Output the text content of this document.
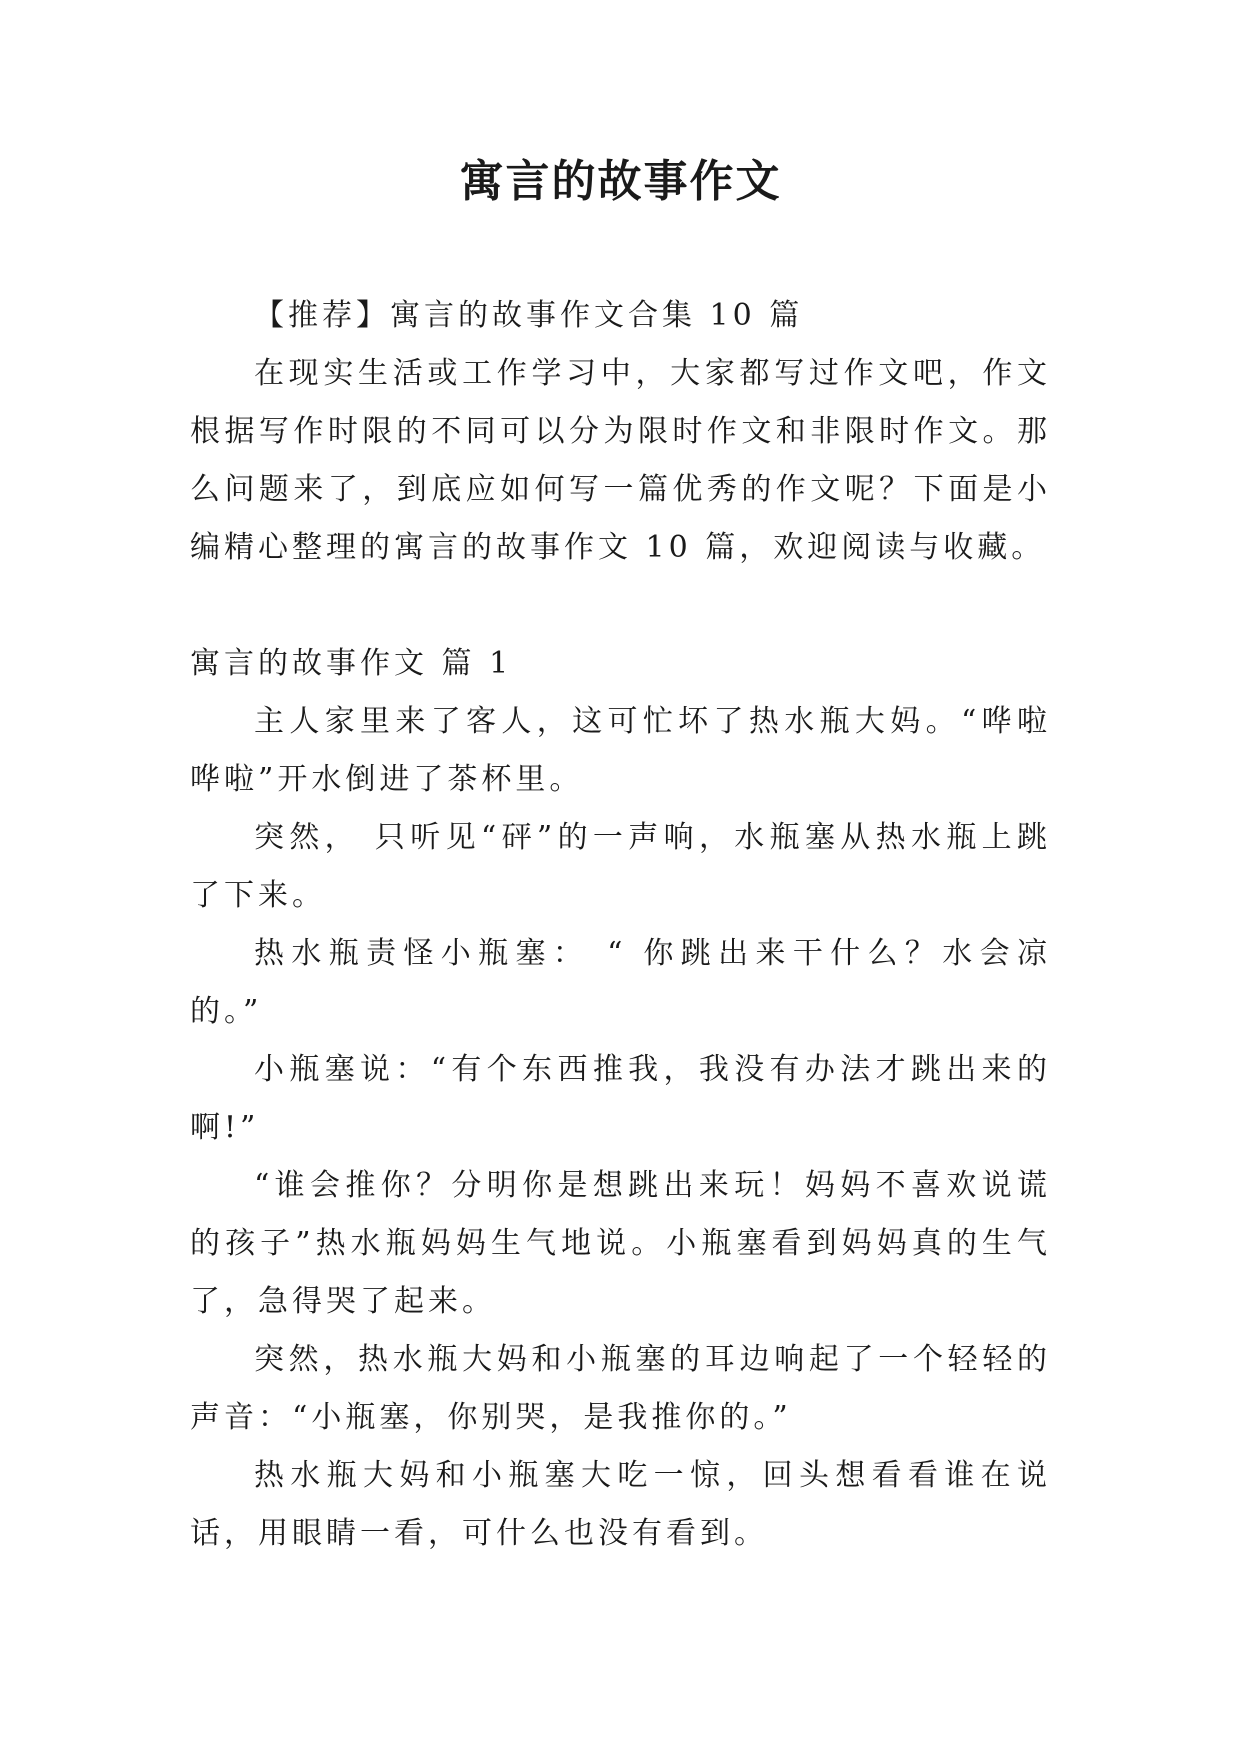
寓言的故事作文

【推荐】寓言的故事作文合集 10 篇

在现实生活或工作学习中，大家都写过作文吧，作文根据写作时限的不同可以分为限时作文和非限时作文。那么问题来了，到底应如何写一篇优秀的作文呢？下面是小编精心整理的寓言的故事作文 10 篇，欢迎阅读与收藏。

寓言的故事作文 篇 1

主人家里来了客人，这可忙坏了热水瓶大妈。“哗啦哗啦”开水倒进了茶杯里。

突然， 只听见“砰”的一声响，水瓶塞从热水瓶上跳了下来。

热水瓶责怪小瓶塞： “ 你跳出来干什么？水会凉的。”

小瓶塞说：“有个东西推我，我没有办法才跳出来的啊!”

“谁会推你？分明你是想跳出来玩！妈妈不喜欢说谎的孩子”热水瓶妈妈生气地说。小瓶塞看到妈妈真的生气了，急得哭了起来。

突然，热水瓶大妈和小瓶塞的耳边响起了一个轻轻的声音：“小瓶塞，你别哭，是我推你的。”

热水瓶大妈和小瓶塞大吃一惊，回头想看看谁在说话，用眼睛一看，可什么也没有看到。
